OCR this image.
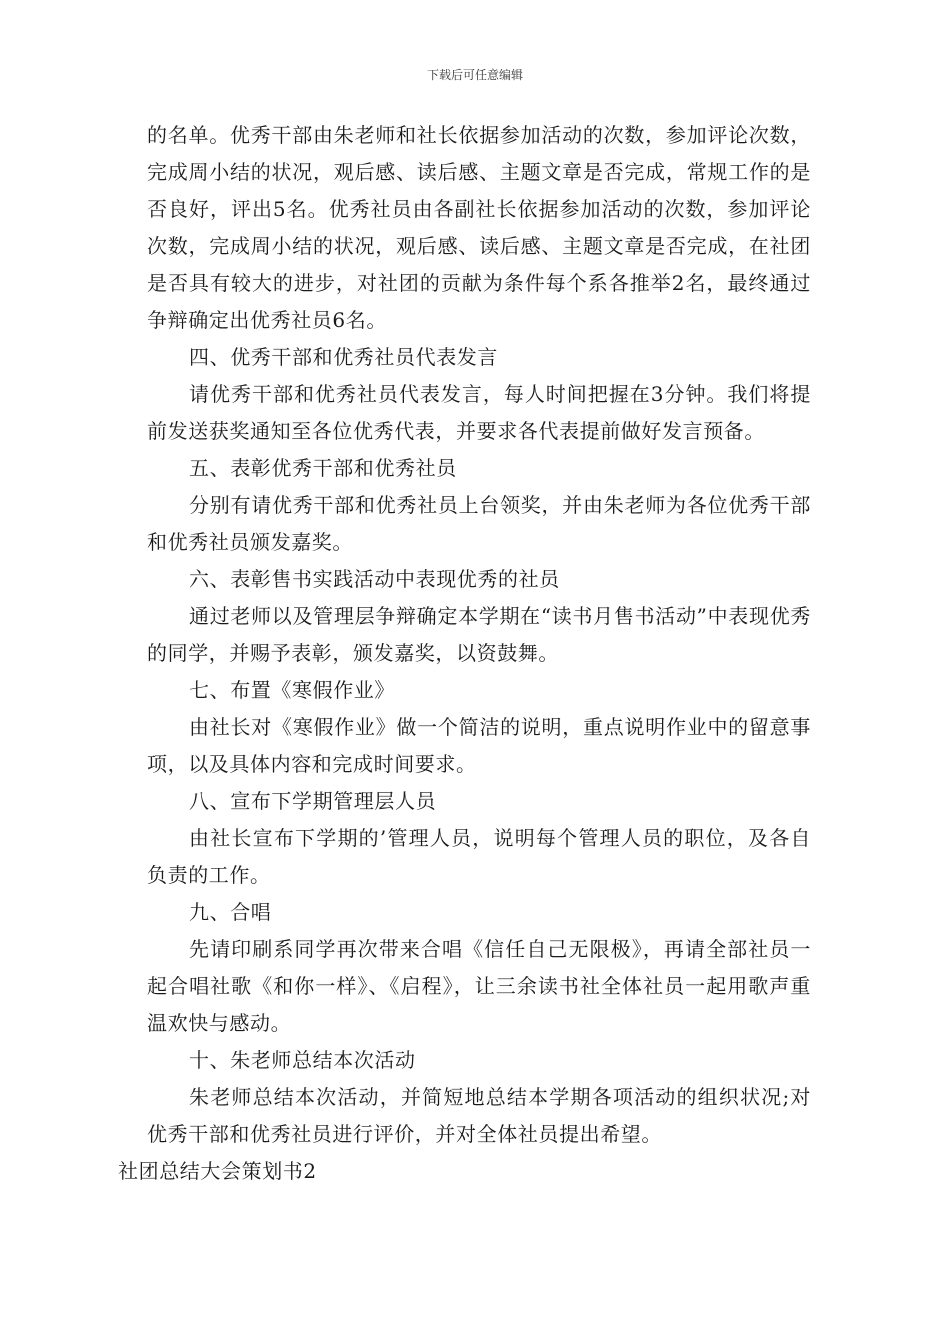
下载后可任意编辑

的名单。优秀干部由朱老师和社长依据参加活动的次数，参加评论次数，完成周小结的状况，观后感、读后感、主题文章是否完成，常规工作的是否良好，评出5名。优秀社员由各副社长依据参加活动的次数，参加评论次数，完成周小结的状况，观后感、读后感、主题文章是否完成，在社团是否具有较大的进步，对社团的贡献为条件每个系各推举2名，最终通过争辩确定出优秀社员6名。

四、优秀干部和优秀社员代表发言

请优秀干部和优秀社员代表发言，每人时间把握在3分钟。我们将提前发送获奖通知至各位优秀代表，并要求各代表提前做好发言预备。

五、表彰优秀干部和优秀社员

分别有请优秀干部和优秀社员上台领奖，并由朱老师为各位优秀干部和优秀社员颁发嘉奖。

六、表彰售书实践活动中表现优秀的社员

通过老师以及管理层争辩确定本学期在“读书月售书活动”中表现优秀的同学，并赐予表彰，颁发嘉奖，以资鼓舞。

七、布置《寒假作业》

由社长对《寒假作业》做一个简洁的说明，重点说明作业中的留意事项，以及具体内容和完成时间要求。

八、宣布下学期管理层人员

由社长宣布下学期的’管理人员，说明每个管理人员的职位，及各自负责的工作。

九、合唱

先请印刷系同学再次带来合唱《信任自己无限极》，再请全部社员一起合唱社歌《和你一样》、《启程》，让三余读书社全体社员一起用歌声重温欢快与感动。

十、朱老师总结本次活动

朱老师总结本次活动，并简短地总结本学期各项活动的组织状况;对优秀干部和优秀社员进行评价，并对全体社员提出希望。

社团总结大会策划书2
